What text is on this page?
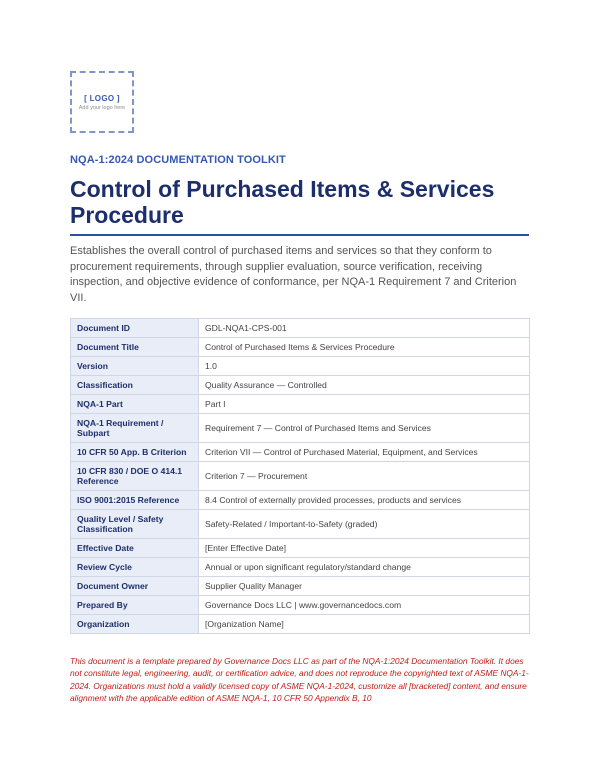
[ LOGO ]
Add your logo here
NQA-1:2024 DOCUMENTATION TOOLKIT
Control of Purchased Items & Services Procedure

Establishes the overall control of purchased items and services so that they conform to procurement requirements, through supplier evaluation, source verification, receiving inspection, and objective evidence of conformance, per NQA-1 Requirement 7 and Criterion VII.

Document ID	GDL-NQA1-CPS-001
Document Title	Control of Purchased Items & Services Procedure
Version	1.0
Classification	Quality Assurance — Controlled
NQA-1 Part	Part I
NQA-1 Requirement / Subpart	Requirement 7 — Control of Purchased Items and Services
10 CFR 50 App. B Criterion	Criterion VII — Control of Purchased Material, Equipment, and Services
10 CFR 830 / DOE O 414.1 Reference	Criterion 7 — Procurement
ISO 9001:2015 Reference	8.4 Control of externally provided processes, products and services
Quality Level / Safety Classification	Safety-Related / Important-to-Safety (graded)
Effective Date	[Enter Effective Date]
Review Cycle	Annual or upon significant regulatory/standard change
Document Owner	Supplier Quality Manager
Prepared By	Governance Docs LLC | www.governancedocs.com
Organization	[Organization Name]

This document is a template prepared by Governance Docs LLC as part of the NQA-1:2024 Documentation Toolkit. It does not constitute legal, engineering, audit, or certification advice, and does not reproduce the copyrighted text of ASME NQA-1-2024. Organizations must hold a validly licensed copy of ASME NQA-1-2024, customize all [bracketed] content, and ensure alignment with the applicable edition of ASME NQA-1, 10 CFR 50 Appendix B, 10
